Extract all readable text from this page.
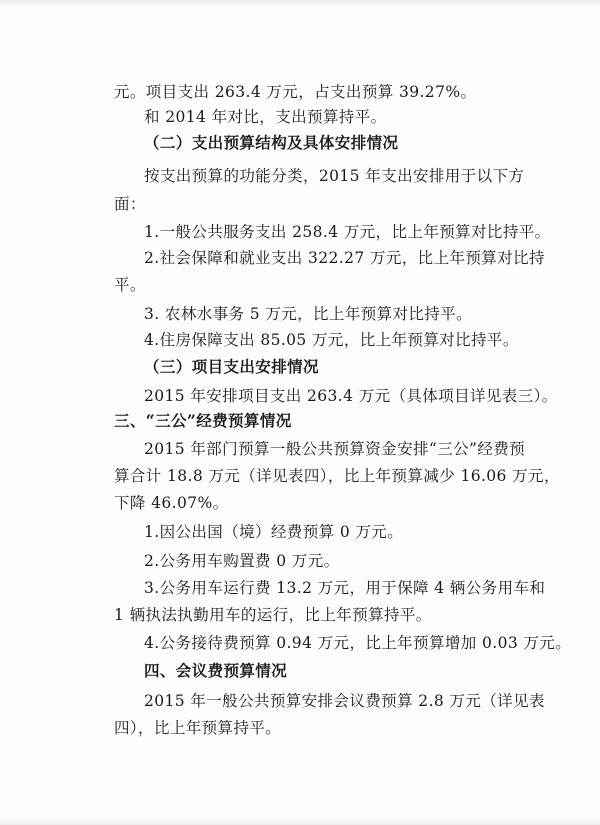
元。项目支出 263.4 万元，占支出预算 39.27%。
和 2014 年对比，支出预算持平。
（二）支出预算结构及具体安排情况
按支出预算的功能分类，2015 年支出安排用于以下方
面：
1.一般公共服务支出 258.4 万元，比上年预算对比持平。
2.社会保障和就业支出 322.27 万元，比上年预算对比持
平。
3. 农林水事务 5 万元，比上年预算对比持平。
4.住房保障支出 85.05 万元，比上年预算对比持平。
（三）项目支出安排情况
2015 年安排项目支出 263.4 万元（具体项目详见表三）。
三、“三公”经费预算情况
2015 年部门预算一般公共预算资金安排“三公”经费预
算合计 18.8 万元（详见表四），比上年预算减少 16.06 万元，
下降 46.07%。
1.因公出国（境）经费预算 0 万元。
2.公务用车购置费 0 万元。
3.公务用车运行费 13.2 万元，用于保障 4 辆公务用车和
1 辆执法执勤用车的运行，比上年预算持平。
4.公务接待费预算 0.94 万元，比上年预算增加 0.03 万元。
四、会议费预算情况
2015 年一般公共预算安排会议费预算 2.8 万元（详见表
四），比上年预算持平。
